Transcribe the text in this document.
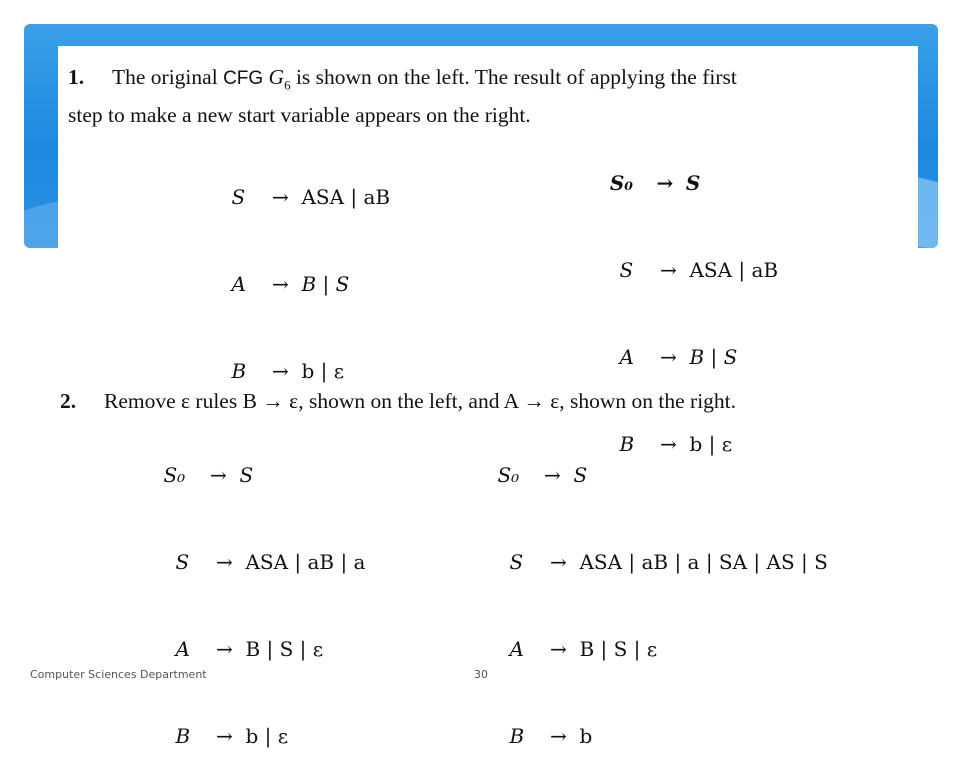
1. The original CFG $G_6$ is shown on the left. The result of applying the first
step to make a new start variable appears on the right.

S → ASA | aB

A → B | S

B → b | ε

S₀ → S

S → ASA | aB

A → B | S

B → b | ε

2. Remove ε rules B → ε, shown on the left, and A → ε, shown on the right.

S₀ → S

S → ASA | aB | a

A → B | S | ε

B → b | ε

S₀ → S

S → ASA | aB | a | SA | AS | S

A → B | S | ε

B → b

Computer Sciences Department	30
